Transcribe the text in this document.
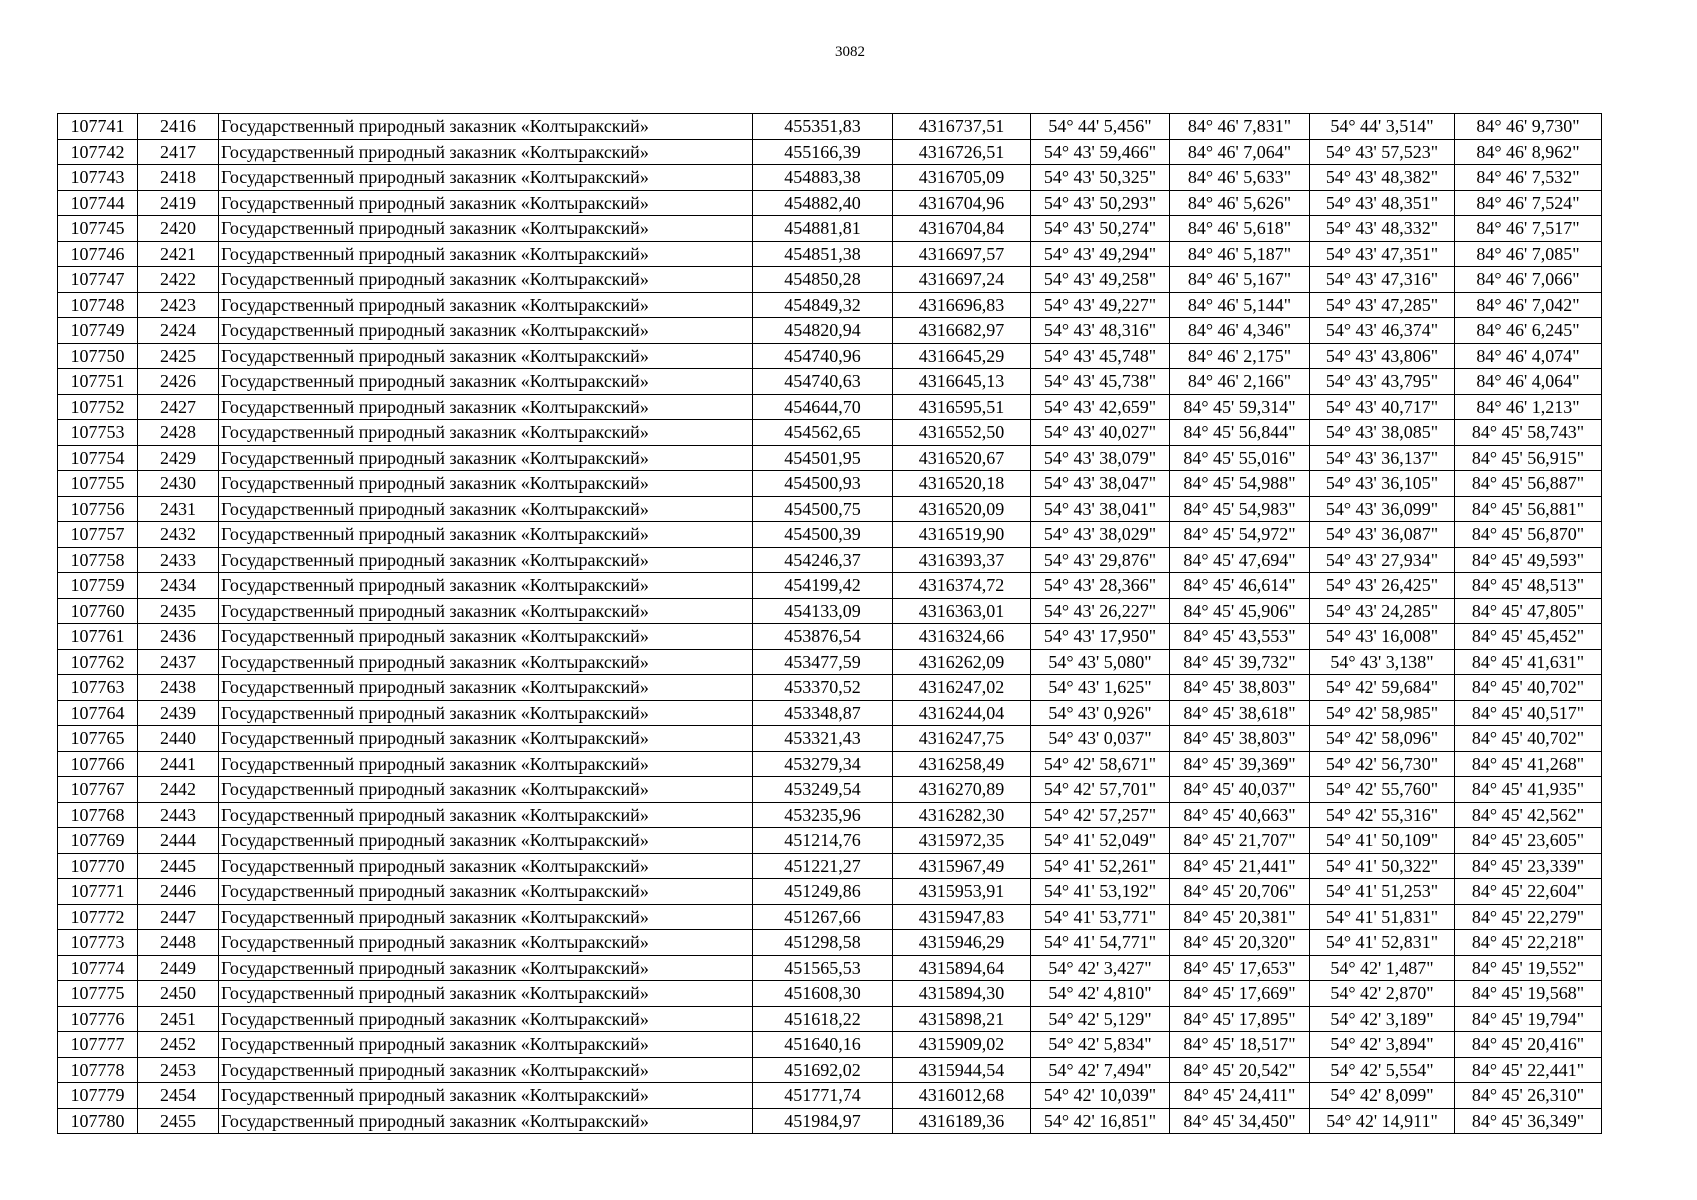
3082
107741	2416	Государственный природный заказник «Колтыракский»	455351,83	4316737,51	54° 44' 5,456"	84° 46' 7,831"	54° 44' 3,514"	84° 46' 9,730"
107742	2417	Государственный природный заказник «Колтыракский»	455166,39	4316726,51	54° 43' 59,466"	84° 46' 7,064"	54° 43' 57,523"	84° 46' 8,962"
107743	2418	Государственный природный заказник «Колтыракский»	454883,38	4316705,09	54° 43' 50,325"	84° 46' 5,633"	54° 43' 48,382"	84° 46' 7,532"
107744	2419	Государственный природный заказник «Колтыракский»	454882,40	4316704,96	54° 43' 50,293"	84° 46' 5,626"	54° 43' 48,351"	84° 46' 7,524"
107745	2420	Государственный природный заказник «Колтыракский»	454881,81	4316704,84	54° 43' 50,274"	84° 46' 5,618"	54° 43' 48,332"	84° 46' 7,517"
107746	2421	Государственный природный заказник «Колтыракский»	454851,38	4316697,57	54° 43' 49,294"	84° 46' 5,187"	54° 43' 47,351"	84° 46' 7,085"
107747	2422	Государственный природный заказник «Колтыракский»	454850,28	4316697,24	54° 43' 49,258"	84° 46' 5,167"	54° 43' 47,316"	84° 46' 7,066"
107748	2423	Государственный природный заказник «Колтыракский»	454849,32	4316696,83	54° 43' 49,227"	84° 46' 5,144"	54° 43' 47,285"	84° 46' 7,042"
107749	2424	Государственный природный заказник «Колтыракский»	454820,94	4316682,97	54° 43' 48,316"	84° 46' 4,346"	54° 43' 46,374"	84° 46' 6,245"
107750	2425	Государственный природный заказник «Колтыракский»	454740,96	4316645,29	54° 43' 45,748"	84° 46' 2,175"	54° 43' 43,806"	84° 46' 4,074"
107751	2426	Государственный природный заказник «Колтыракский»	454740,63	4316645,13	54° 43' 45,738"	84° 46' 2,166"	54° 43' 43,795"	84° 46' 4,064"
107752	2427	Государственный природный заказник «Колтыракский»	454644,70	4316595,51	54° 43' 42,659"	84° 45' 59,314"	54° 43' 40,717"	84° 46' 1,213"
107753	2428	Государственный природный заказник «Колтыракский»	454562,65	4316552,50	54° 43' 40,027"	84° 45' 56,844"	54° 43' 38,085"	84° 45' 58,743"
107754	2429	Государственный природный заказник «Колтыракский»	454501,95	4316520,67	54° 43' 38,079"	84° 45' 55,016"	54° 43' 36,137"	84° 45' 56,915"
107755	2430	Государственный природный заказник «Колтыракский»	454500,93	4316520,18	54° 43' 38,047"	84° 45' 54,988"	54° 43' 36,105"	84° 45' 56,887"
107756	2431	Государственный природный заказник «Колтыракский»	454500,75	4316520,09	54° 43' 38,041"	84° 45' 54,983"	54° 43' 36,099"	84° 45' 56,881"
107757	2432	Государственный природный заказник «Колтыракский»	454500,39	4316519,90	54° 43' 38,029"	84° 45' 54,972"	54° 43' 36,087"	84° 45' 56,870"
107758	2433	Государственный природный заказник «Колтыракский»	454246,37	4316393,37	54° 43' 29,876"	84° 45' 47,694"	54° 43' 27,934"	84° 45' 49,593"
107759	2434	Государственный природный заказник «Колтыракский»	454199,42	4316374,72	54° 43' 28,366"	84° 45' 46,614"	54° 43' 26,425"	84° 45' 48,513"
107760	2435	Государственный природный заказник «Колтыракский»	454133,09	4316363,01	54° 43' 26,227"	84° 45' 45,906"	54° 43' 24,285"	84° 45' 47,805"
107761	2436	Государственный природный заказник «Колтыракский»	453876,54	4316324,66	54° 43' 17,950"	84° 45' 43,553"	54° 43' 16,008"	84° 45' 45,452"
107762	2437	Государственный природный заказник «Колтыракский»	453477,59	4316262,09	54° 43' 5,080"	84° 45' 39,732"	54° 43' 3,138"	84° 45' 41,631"
107763	2438	Государственный природный заказник «Колтыракский»	453370,52	4316247,02	54° 43' 1,625"	84° 45' 38,803"	54° 42' 59,684"	84° 45' 40,702"
107764	2439	Государственный природный заказник «Колтыракский»	453348,87	4316244,04	54° 43' 0,926"	84° 45' 38,618"	54° 42' 58,985"	84° 45' 40,517"
107765	2440	Государственный природный заказник «Колтыракский»	453321,43	4316247,75	54° 43' 0,037"	84° 45' 38,803"	54° 42' 58,096"	84° 45' 40,702"
107766	2441	Государственный природный заказник «Колтыракский»	453279,34	4316258,49	54° 42' 58,671"	84° 45' 39,369"	54° 42' 56,730"	84° 45' 41,268"
107767	2442	Государственный природный заказник «Колтыракский»	453249,54	4316270,89	54° 42' 57,701"	84° 45' 40,037"	54° 42' 55,760"	84° 45' 41,935"
107768	2443	Государственный природный заказник «Колтыракский»	453235,96	4316282,30	54° 42' 57,257"	84° 45' 40,663"	54° 42' 55,316"	84° 45' 42,562"
107769	2444	Государственный природный заказник «Колтыракский»	451214,76	4315972,35	54° 41' 52,049"	84° 45' 21,707"	54° 41' 50,109"	84° 45' 23,605"
107770	2445	Государственный природный заказник «Колтыракский»	451221,27	4315967,49	54° 41' 52,261"	84° 45' 21,441"	54° 41' 50,322"	84° 45' 23,339"
107771	2446	Государственный природный заказник «Колтыракский»	451249,86	4315953,91	54° 41' 53,192"	84° 45' 20,706"	54° 41' 51,253"	84° 45' 22,604"
107772	2447	Государственный природный заказник «Колтыракский»	451267,66	4315947,83	54° 41' 53,771"	84° 45' 20,381"	54° 41' 51,831"	84° 45' 22,279"
107773	2448	Государственный природный заказник «Колтыракский»	451298,58	4315946,29	54° 41' 54,771"	84° 45' 20,320"	54° 41' 52,831"	84° 45' 22,218"
107774	2449	Государственный природный заказник «Колтыракский»	451565,53	4315894,64	54° 42' 3,427"	84° 45' 17,653"	54° 42' 1,487"	84° 45' 19,552"
107775	2450	Государственный природный заказник «Колтыракский»	451608,30	4315894,30	54° 42' 4,810"	84° 45' 17,669"	54° 42' 2,870"	84° 45' 19,568"
107776	2451	Государственный природный заказник «Колтыракский»	451618,22	4315898,21	54° 42' 5,129"	84° 45' 17,895"	54° 42' 3,189"	84° 45' 19,794"
107777	2452	Государственный природный заказник «Колтыракский»	451640,16	4315909,02	54° 42' 5,834"	84° 45' 18,517"	54° 42' 3,894"	84° 45' 20,416"
107778	2453	Государственный природный заказник «Колтыракский»	451692,02	4315944,54	54° 42' 7,494"	84° 45' 20,542"	54° 42' 5,554"	84° 45' 22,441"
107779	2454	Государственный природный заказник «Колтыракский»	451771,74	4316012,68	54° 42' 10,039"	84° 45' 24,411"	54° 42' 8,099"	84° 45' 26,310"
107780	2455	Государственный природный заказник «Колтыракский»	451984,97	4316189,36	54° 42' 16,851"	84° 45' 34,450"	54° 42' 14,911"	84° 45' 36,349"
